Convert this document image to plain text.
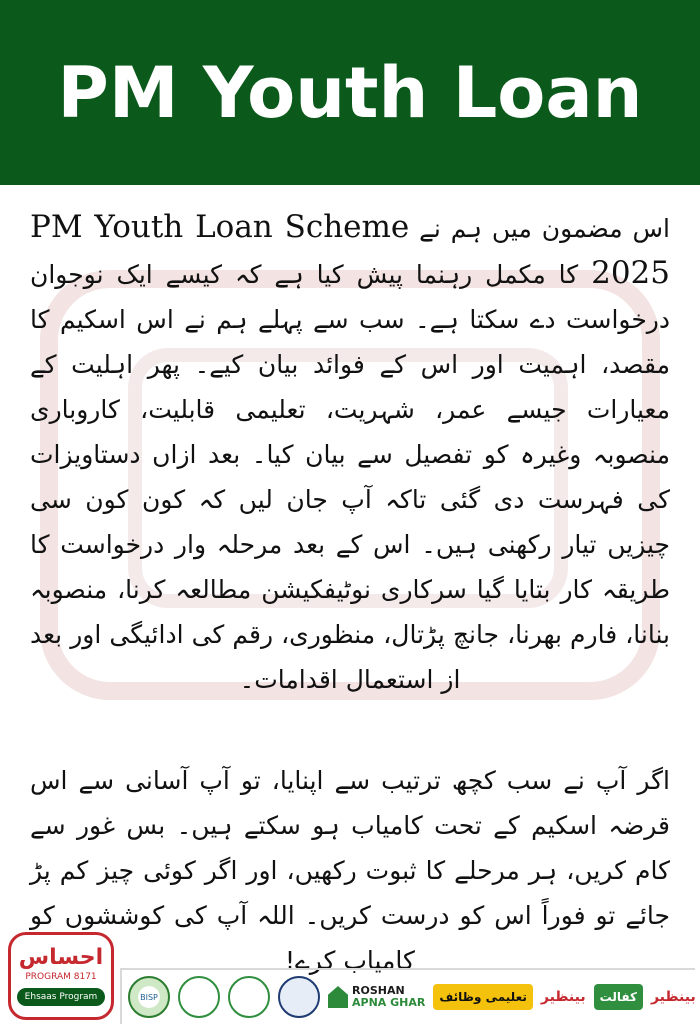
PM Youth Loan

اس مضمون میں ہم نے PM Youth Loan Scheme 2025 کا مکمل رہنما پیش کیا ہے کہ کیسے ایک نوجوان درخواست دے سکتا ہے۔ سب سے پہلے ہم نے اس اسکیم کا مقصد، اہمیت اور اس کے فوائد بیان کیے۔ پھر اہلیت کے معیارات جیسے عمر، شہریت، تعلیمی قابلیت، کاروباری منصوبہ وغیرہ کو تفصیل سے بیان کیا۔ بعد ازاں دستاویزات کی فہرست دی گئی تاکہ آپ جان لیں کہ کون کون سی چیزیں تیار رکھنی ہیں۔ اس کے بعد مرحلہ وار درخواست کا طریقہ کار بتایا گیا سرکاری نوٹیفکیشن مطالعہ کرنا، منصوبہ بنانا، فارم بھرنا، جانچ پڑتال، منظوری، رقم کی ادائیگی اور بعد از استعمال اقدامات۔

اگر آپ نے سب کچھ ترتیب سے اپنایا، تو آپ آسانی سے اس قرضہ اسکیم کے تحت کامیاب ہو سکتے ہیں۔ بس غور سے کام کریں، ہر مرحلے کا ثبوت رکھیں، اور اگر کوئی چیز کم پڑ جائے تو فوراً اس کو درست کریں۔ اللہ آپ کی کوششوں کو کامیاب کرے!

احساس
PROGRAM 8171
Ehsaas Program	BISP	ROSHAN
APNA GHAR	تعلیمی وظائف	بینظیر	کفالت	بینظیر
